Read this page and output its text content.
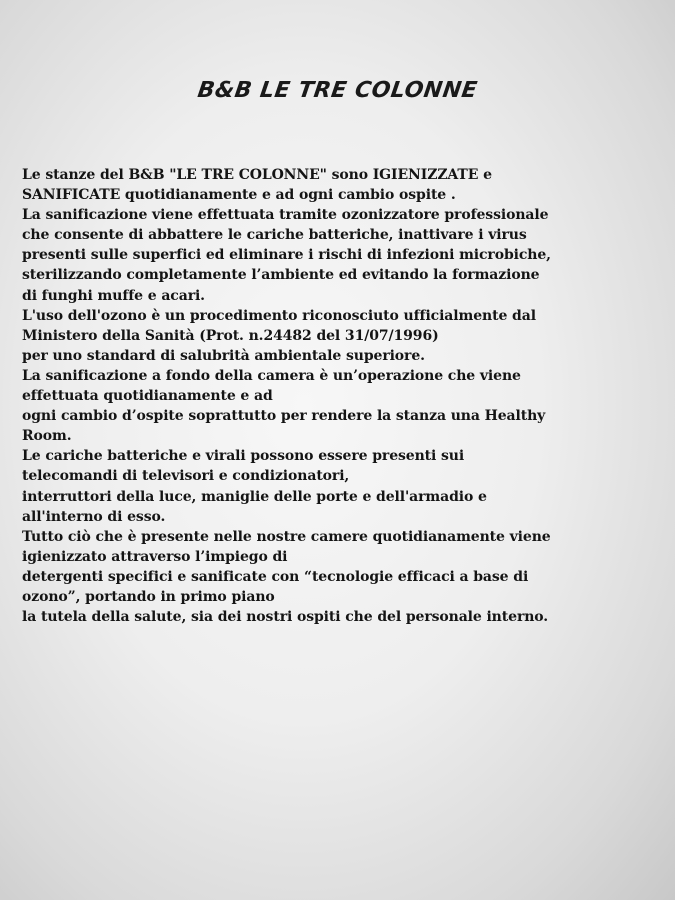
B&B LE TRE COLONNE
Le stanze del B&B "LE TRE COLONNE" sono IGIENIZZATE e
SANIFICATE quotidianamente e ad ogni cambio ospite .
La sanificazione viene effettuata tramite ozonizzatore professionale
che consente di abbattere le cariche batteriche, inattivare i virus
presenti sulle superfici ed eliminare i rischi di infezioni microbiche,
sterilizzando completamente l’ambiente ed evitando la formazione
di funghi muffe e acari.
L'uso dell'ozono è un procedimento riconosciuto ufficialmente dal
Ministero della Sanità (Prot. n.24482 del 31/07/1996)
per uno standard di salubrità ambientale superiore.
La sanificazione a fondo della camera è un’operazione che viene
effettuata quotidianamente e ad
ogni cambio d’ospite soprattutto per rendere la stanza una Healthy
Room.
Le cariche batteriche e virali possono essere presenti sui
telecomandi di televisori e condizionatori,
interruttori della luce, maniglie delle porte e dell'armadio e
all'interno di esso.
Tutto ciò che è presente nelle nostre camere quotidianamente viene
igienizzato attraverso l’impiego di
detergenti specifici e sanificate con “tecnologie efficaci a base di
ozono”, portando in primo piano
la tutela della salute, sia dei nostri ospiti che del personale interno.
